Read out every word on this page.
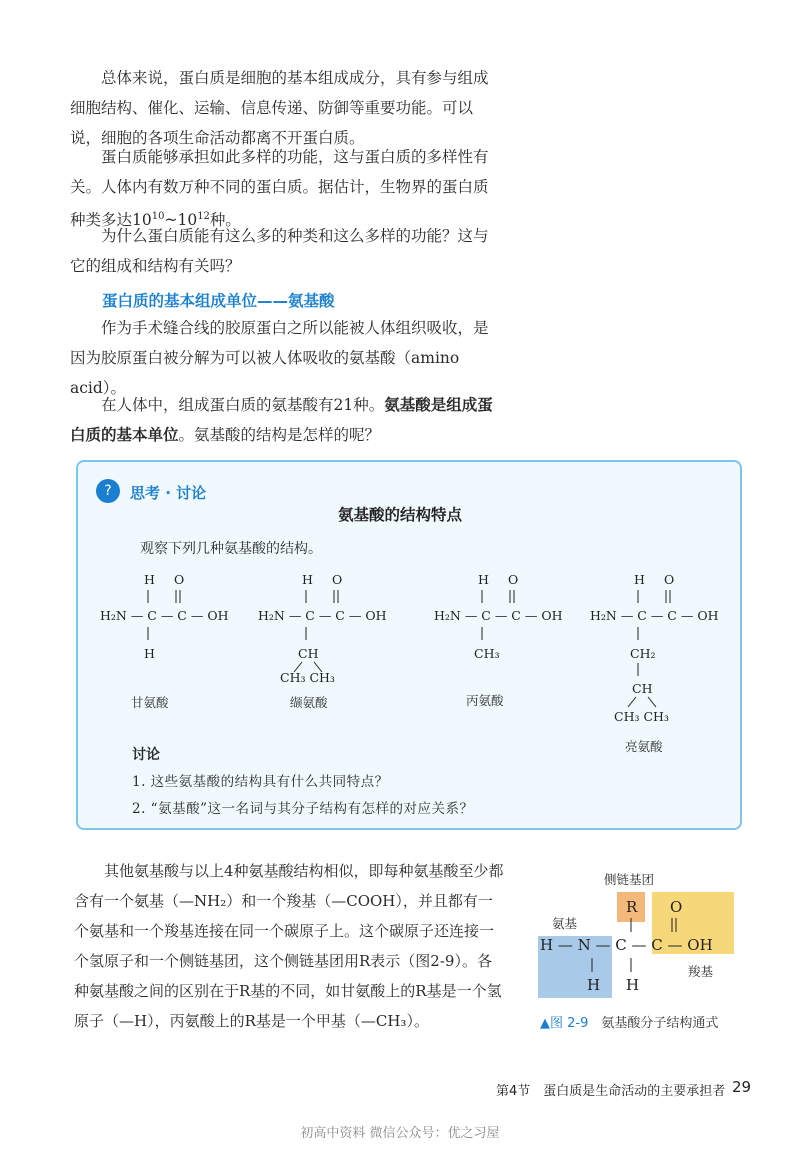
总体来说，蛋白质是细胞的基本组成成分，具有参与组成细胞结构、催化、运输、信息传递、防御等重要功能。可以说，细胞的各项生命活动都离不开蛋白质。

蛋白质能够承担如此多样的功能，这与蛋白质的多样性有关。人体内有数万种不同的蛋白质。据估计，生物界的蛋白质种类多达$10^{10}\sim 10^{12}$种。

为什么蛋白质能有这么多的种类和这么多样的功能？这与它的组成和结构有关吗？

蛋白质的基本组成单位——氨基酸

作为手术缝合线的胶原蛋白之所以能被人体组织吸收，是因为胶原蛋白被分解为可以被人体吸收的氨基酸（amino acid）。

在人体中，组成蛋白质的氨基酸有21种。氨基酸是组成蛋白质的基本单位。氨基酸的结构是怎样的呢？

?	思考 · 讨论
氨基酸的结构特点
观察下列几种氨基酸的结构。
H O
H₂N — C — C — OH
H
H O
H₂N — C — C — OH
CH
CH₃ CH₃
H O
H₂N — C — C — OH
CH₃
H O
H₂N — C — C — OH
CH₂
CH
CH₃ CH₃
甘氨酸	缬氨酸	丙氨酸
亮氨酸
讨论
1. 这些氨基酸的结构具有什么共同特点？
2. “氨基酸”这一名词与其分子结构有怎样的对应关系？

其他氨基酸与以上4种氨基酸结构相似，即每种氨基酸至少都含有一个氨基（—NH₂）和一个羧基（—COOH），并且都有一个氨基和一个羧基连接在同一个碳原子上。这个碳原子还连接一个氢原子和一个侧链基团，这个侧链基团用R表示（图2-9）。各种氨基酸之间的区别在于R基的不同，如甘氨酸上的R基是一个氢原子（—H），丙氨酸上的R基是一个甲基（—CH₃）。

侧链基团
氨基
羧基
R O
H — N — C — C — OH
H H
▲图 2-9　 氨基酸分子结构通式
第4节　蛋白质是生命活动的主要承担者 29
初高中资料 微信公众号：优之习屋
